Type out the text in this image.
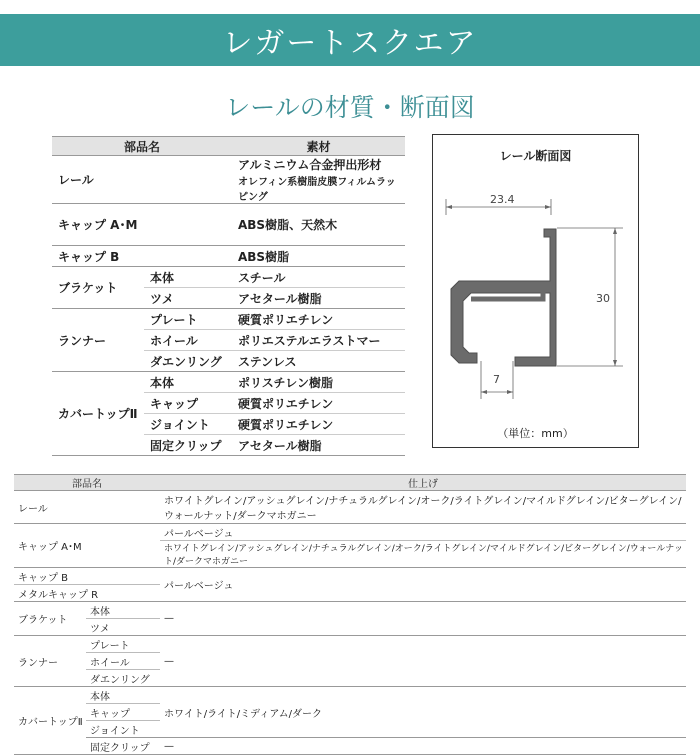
レガートスクエア
レールの材質・断面図
部品名		素材
レール		アルミニウム合金押出形材
オレフィン系樹脂皮膜フィルムラッピング

キャップ A･M		ABS樹脂、天然木
キャップ B		ABS樹脂
ブラケット	本体	スチール
	ツメ	アセタール樹脂
ランナー	プレート	硬質ポリエチレン
	ホイール	ポリエステルエラストマー
	ダエンリング	ステンレス
カバートップⅡ	本体	ポリスチレン樹脂
	キャップ	硬質ポリエチレン
	ジョイント	硬質ポリエチレン
	固定クリップ	アセタール樹脂
レール断面図
23.4
30
7
（単位：mm）
部品名		仕上げ
レール		ホワイトグレイン/アッシュグレイン/ナチュラルグレイン/オーク/ライトグレイン/マイルドグレイン/ビターグレイン/
ウォールナット/ダークマホガニー

キャップ A･M		パールベージュ
		ホワイトグレイン/アッシュグレイン/ナチュラルグレイン/オーク/ライトグレイン/マイルドグレイン/ビターグレイン/ウォールナット/ダークマホガニー
キャップ B		パールベージュ
メタルキャップ R		
ブラケット	本体	—
	ツメ	
ランナー	プレート	—
	ホイール	
	ダエンリング	
カバートップⅡ	本体	ホワイト/ライト/ミディアム/ダーク
	キャップ	
	ジョイント	
	固定クリップ	—
